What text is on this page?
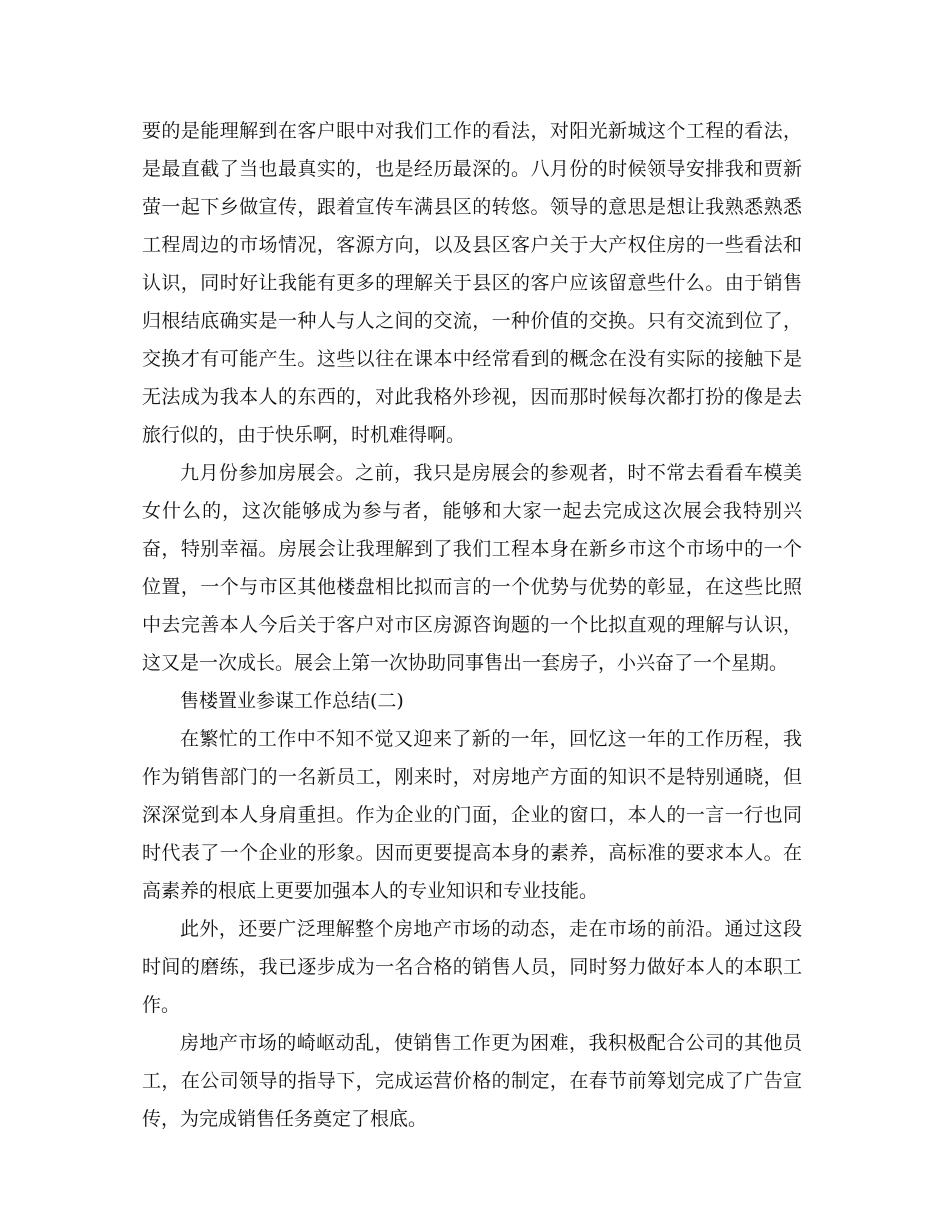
要的是能理解到在客户眼中对我们工作的看法，对阳光新城这个工程的看法，是最直截了当也最真实的，也是经历最深的。八月份的时候领导安排我和贾新萤一起下乡做宣传，跟着宣传车满县区的转悠。领导的意思是想让我熟悉熟悉工程周边的市场情况，客源方向，以及县区客户关于大产权住房的一些看法和认识，同时好让我能有更多的理解关于县区的客户应该留意些什么。由于销售归根结底确实是一种人与人之间的交流，一种价值的交换。只有交流到位了，交换才有可能产生。这些以往在课本中经常看到的概念在没有实际的接触下是无法成为我本人的东西的，对此我格外珍视，因而那时候每次都打扮的像是去旅行似的，由于快乐啊，时机难得啊。

九月份参加房展会。之前，我只是房展会的参观者，时不常去看看车模美女什么的，这次能够成为参与者，能够和大家一起去完成这次展会我特别兴奋，特别幸福。房展会让我理解到了我们工程本身在新乡市这个市场中的一个位置，一个与市区其他楼盘相比拟而言的一个优势与优势的彰显，在这些比照中去完善本人今后关于客户对市区房源咨询题的一个比拟直观的理解与认识，这又是一次成长。展会上第一次协助同事售出一套房子，小兴奋了一个星期。

售楼置业参谋工作总结(二)

在繁忙的工作中不知不觉又迎来了新的一年，回忆这一年的工作历程，我作为销售部门的一名新员工，刚来时，对房地产方面的知识不是特别通晓，但深深觉到本人身肩重担。作为企业的门面，企业的窗口，本人的一言一行也同时代表了一个企业的形象。因而更要提高本身的素养，高标准的要求本人。在高素养的根底上更要加强本人的专业知识和专业技能。

此外，还要广泛理解整个房地产市场的动态，走在市场的前沿。通过这段时间的磨练，我已逐步成为一名合格的销售人员，同时努力做好本人的本职工作。

房地产市场的崎岖动乱，使销售工作更为困难，我积极配合公司的其他员工，在公司领导的指导下，完成运营价格的制定，在春节前筹划完成了广告宣传，为完成销售任务奠定了根底。
